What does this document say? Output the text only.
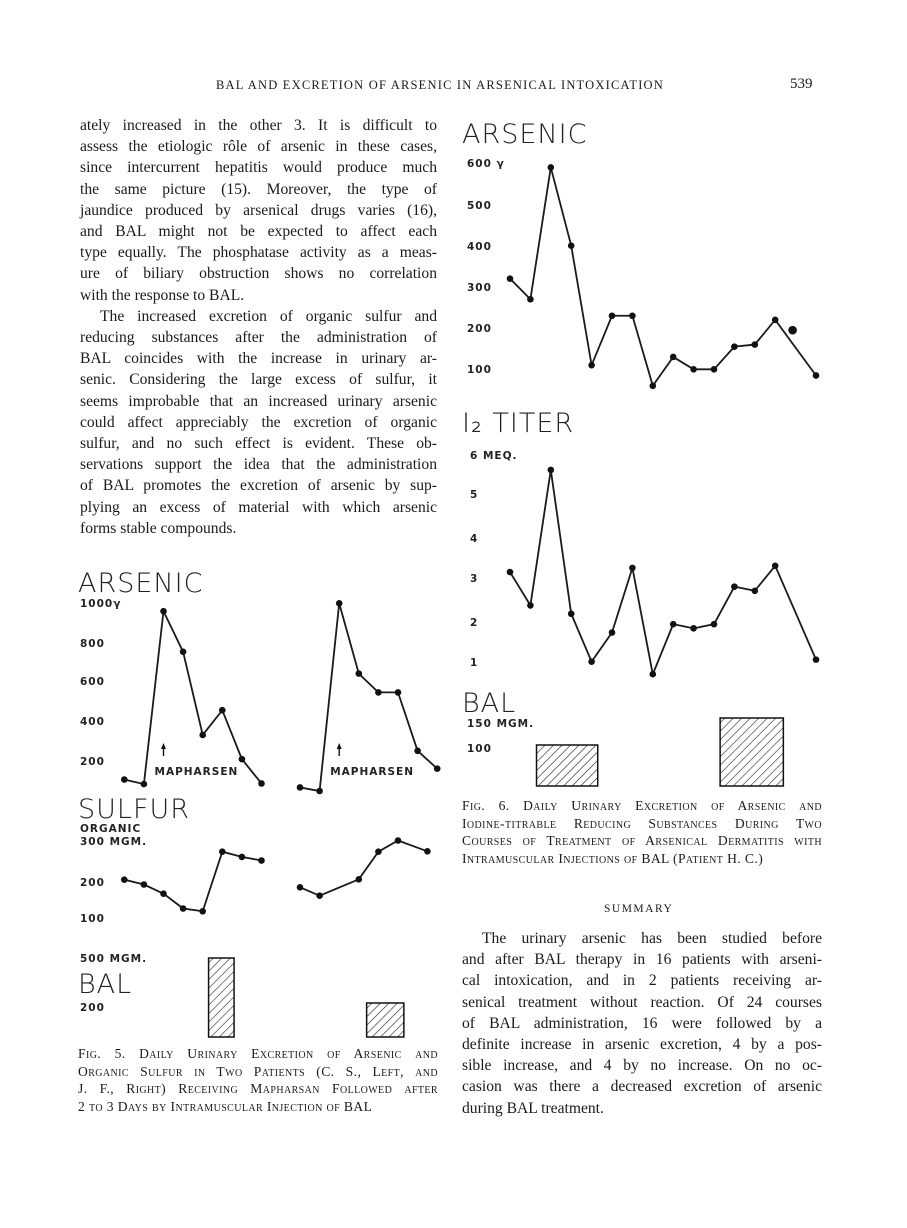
BAL AND EXCRETION OF ARSENIC IN ARSENICAL INTOXICATION	539
ately increased in the other 3. It is difficult to
assess the etiologic rôle of arsenic in these cases,
since intercurrent hepatitis would produce much
the same picture (15). Moreover, the type of
jaundice produced by arsenical drugs varies (16),
and BAL might not be expected to affect each
type equally. The phosphatase activity as a meas-
ure of biliary obstruction shows no correlation
with the response to BAL.
The increased excretion of organic sulfur and
reducing substances after the administration of
BAL coincides with the increase in urinary ar-
senic. Considering the large excess of sulfur, it
seems improbable that an increased urinary arsenic
could affect appreciably the excretion of organic
sulfur, and no such effect is evident. These ob-
servations support the idea that the administration
of BAL promotes the excretion of arsenic by sup-
plying an excess of material with which arsenic
forms stable compounds.
SUMMARY
The urinary arsenic has been studied before
and after BAL therapy in 16 patients with arseni-
cal intoxication, and in 2 patients receiving ar-
senical treatment without reaction. Of 24 courses
of BAL administration, 16 were followed by a
definite increase in arsenic excretion, 4 by a pos-
sible increase, and 4 by no increase. On no oc-
casion was there a decreased excretion of arsenic
during BAL treatment.
Fig. 5. Daily Urinary Excretion of Arsenic and
Organic Sulfur in Two Patients (C. S., Left, and
J. F., Right) Receiving Mapharsan Followed after
2 to 3 Days by Intramuscular Injection of BAL
Fig. 6. Daily Urinary Excretion of Arsenic and
Iodine-titrable Reducing Substances During Two
Courses of Treatment of Arsenical Dermatitis with
Intramuscular Injections of BAL (Patient H. C.)
ARSENIC
1000γ
800
600
400
200
MAPHARSEN	MAPHARSEN
SULFUR
ORGANIC
300 MGM.
200
100
500 MGM.
200
BAL
ARSENIC
600 γ
500
400
300
200
100
I₂ TITER
6 MEQ.
5
4
3
2
1
BAL
150 MGM.
100
